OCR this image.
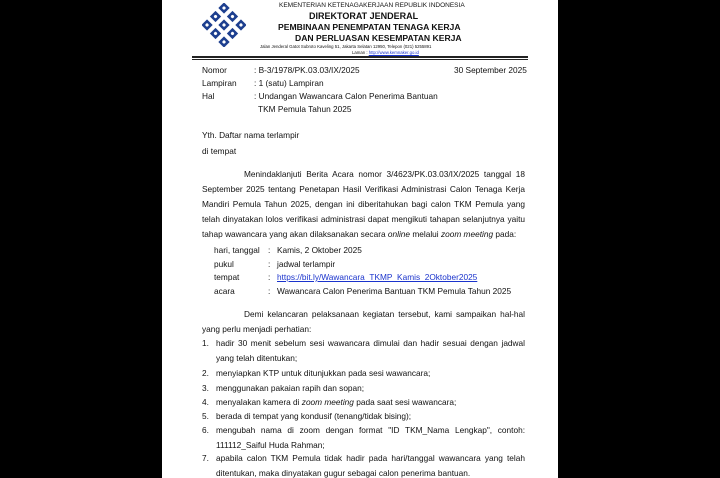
KEMENTERIAN KETENAGAKERJAAN REPUBLIK INDONESIA
DIREKTORAT JENDERAL
PEMBINAAN PENEMPATAN TENAGA KERJA
DAN PERLUASAN KESEMPATAN KERJA
Jalan Jenderal Gatot Subroto Kaveling 51, Jakarta Selatan 12950, Telepon (021) 5255891
Laman : http://www.kemnaker.go.id
Nomor	: B-3/1978/PK.03.03/IX/2025	30 September 2025
Lampiran : 1 (satu) Lampiran
Hal	: Undangan Wawancara Calon Penerima Bantuan
TKM Pemula Tahun 2025
Yth. Daftar nama terlampir
di tempat
Menindaklanjuti Berita Acara nomor 3/4623/PK.03.03/IX/2025 tanggal 18 September 2025 tentang Penetapan Hasil Verifikasi Administrasi Calon Tenaga Kerja Mandiri Pemula Tahun 2025, dengan ini diberitahukan bagi calon TKM Pemula yang telah dinyatakan lolos verifikasi administrasi dapat mengikuti tahapan selanjutnya yaitu tahap wawancara yang akan dilaksanakan secara online melalui zoom meeting pada:
hari, tanggal : Kamis, 2 Oktober 2025
pukul	: jadwal terlampir
tempat	: https://bit.ly/Wawancara_TKMP_Kamis_2Oktober2025
acara	: Wawancara Calon Penerima Bantuan TKM Pemula Tahun 2025
Demi kelancaran pelaksanaan kegiatan tersebut, kami sampaikan hal-hal yang perlu menjadi perhatian:
1. hadir 30 menit sebelum sesi wawancara dimulai dan hadir sesuai dengan jadwal yang telah ditentukan;
2. menyiapkan KTP untuk ditunjukkan pada sesi wawancara;
3. menggunakan pakaian rapih dan sopan;
4. menyalakan kamera di zoom meeting pada saat sesi wawancara;
5. berada di tempat yang kondusif (tenang/tidak bising);
6. mengubah nama di zoom dengan format "ID TKM_Nama Lengkap", contoh: 111112_Saiful Huda Rahman;
7. apabila calon TKM Pemula tidak hadir pada hari/tanggal wawancara yang telah ditentukan, maka dinyatakan gugur sebagai calon penerima bantuan.
